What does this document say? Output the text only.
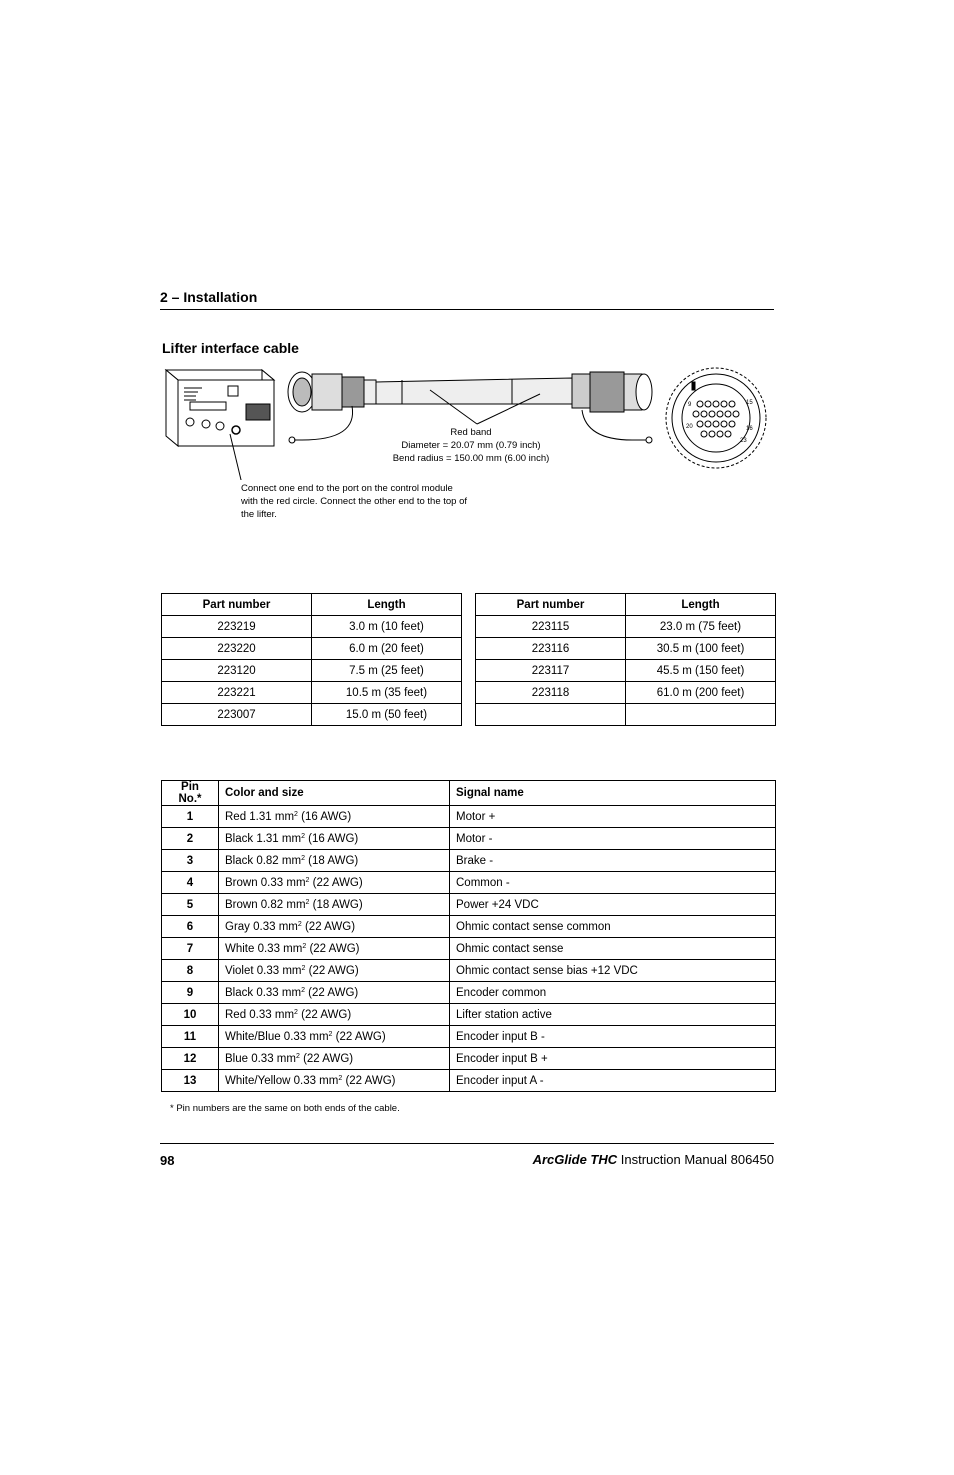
2 – Installation
Lifter interface cable
9	15
16
20
23
Red band
Diameter = 20.07 mm (0.79 inch)
Bend radius = 150.00 mm (6.00 inch)
Connect one end to the port on the control module with the red circle. Connect the other end to the top of the lifter.
Part number	Length
223219	3.0 m (10 feet)
223220	6.0 m (20 feet)
223120	7.5 m (25 feet)
223221	10.5 m (35 feet)
223007	15.0 m (50 feet)
Part number	Length
223115	23.0 m (75 feet)
223116	30.5 m (100 feet)
223117	45.5 m (150 feet)
223118	61.0 m (200 feet)

Pin No.*	Color and size	Signal name
1	Red 1.31 $mm^2$ (16 AWG)	Motor +
2	Black 1.31 $mm^2$ (16 AWG)	Motor -
3	Black 0.82 $mm^2$ (18 AWG)	Brake -
4	Brown 0.33 $mm^2$ (22 AWG)	Common -
5	Brown 0.82 $mm^2$ (18 AWG)	Power +24 VDC
6	Gray 0.33 $mm^2$ (22 AWG)	Ohmic contact sense common
7	White 0.33 $mm^2$ (22 AWG)	Ohmic contact sense
8	Violet 0.33 $mm^2$ (22 AWG)	Ohmic contact sense bias +12 VDC
9	Black 0.33 $mm^2$ (22 AWG)	Encoder common
10	Red 0.33 $mm^2$ (22 AWG)	Lifter station active
11	White/Blue 0.33 $mm^2$ (22 AWG)	Encoder input B -
12	Blue 0.33 $mm^2$ (22 AWG)	Encoder input B +
13	White/Yellow 0.33 $mm^2$ (22 AWG)	Encoder input A -
* Pin numbers are the same on both ends of the cable.
98	ArcGlide THC Instruction Manual 806450
